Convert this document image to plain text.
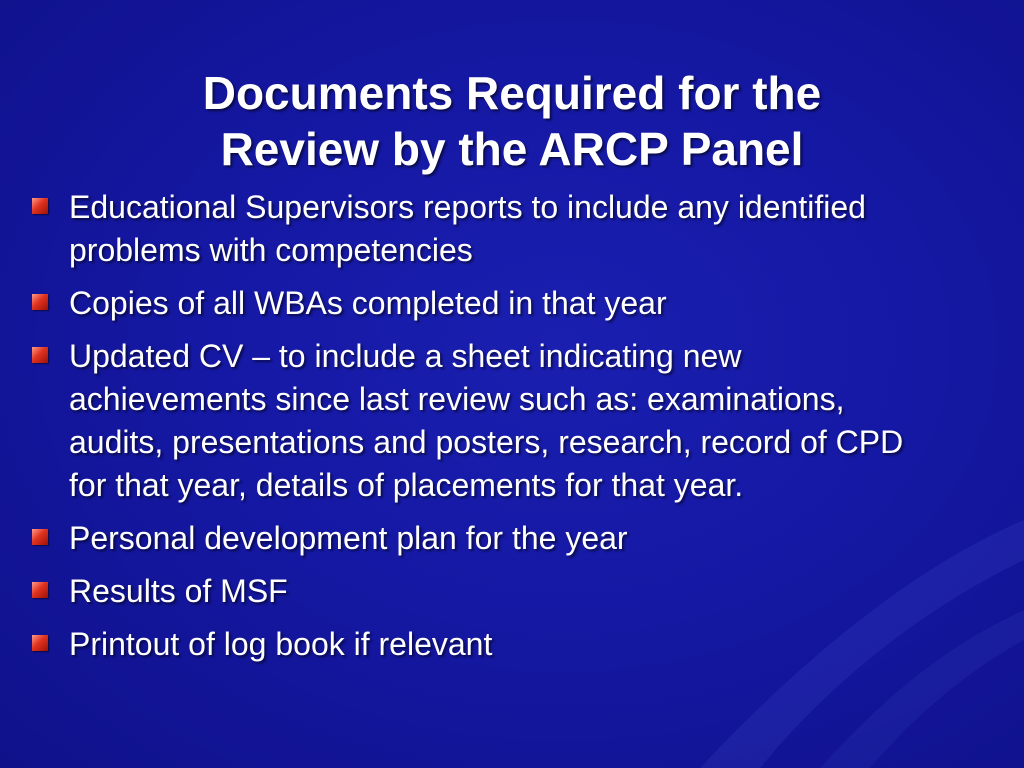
Documents Required for the
Review by the ARCP Panel
Educational Supervisors reports to include any identified problems with competencies
Copies of all WBAs completed in that year
Updated CV – to include a sheet indicating new achievements since last review such as: examinations, audits, presentations and posters, research, record of CPD for that year, details of placements for that year.
Personal development plan for the year
Results of MSF
Printout of log book if relevant
